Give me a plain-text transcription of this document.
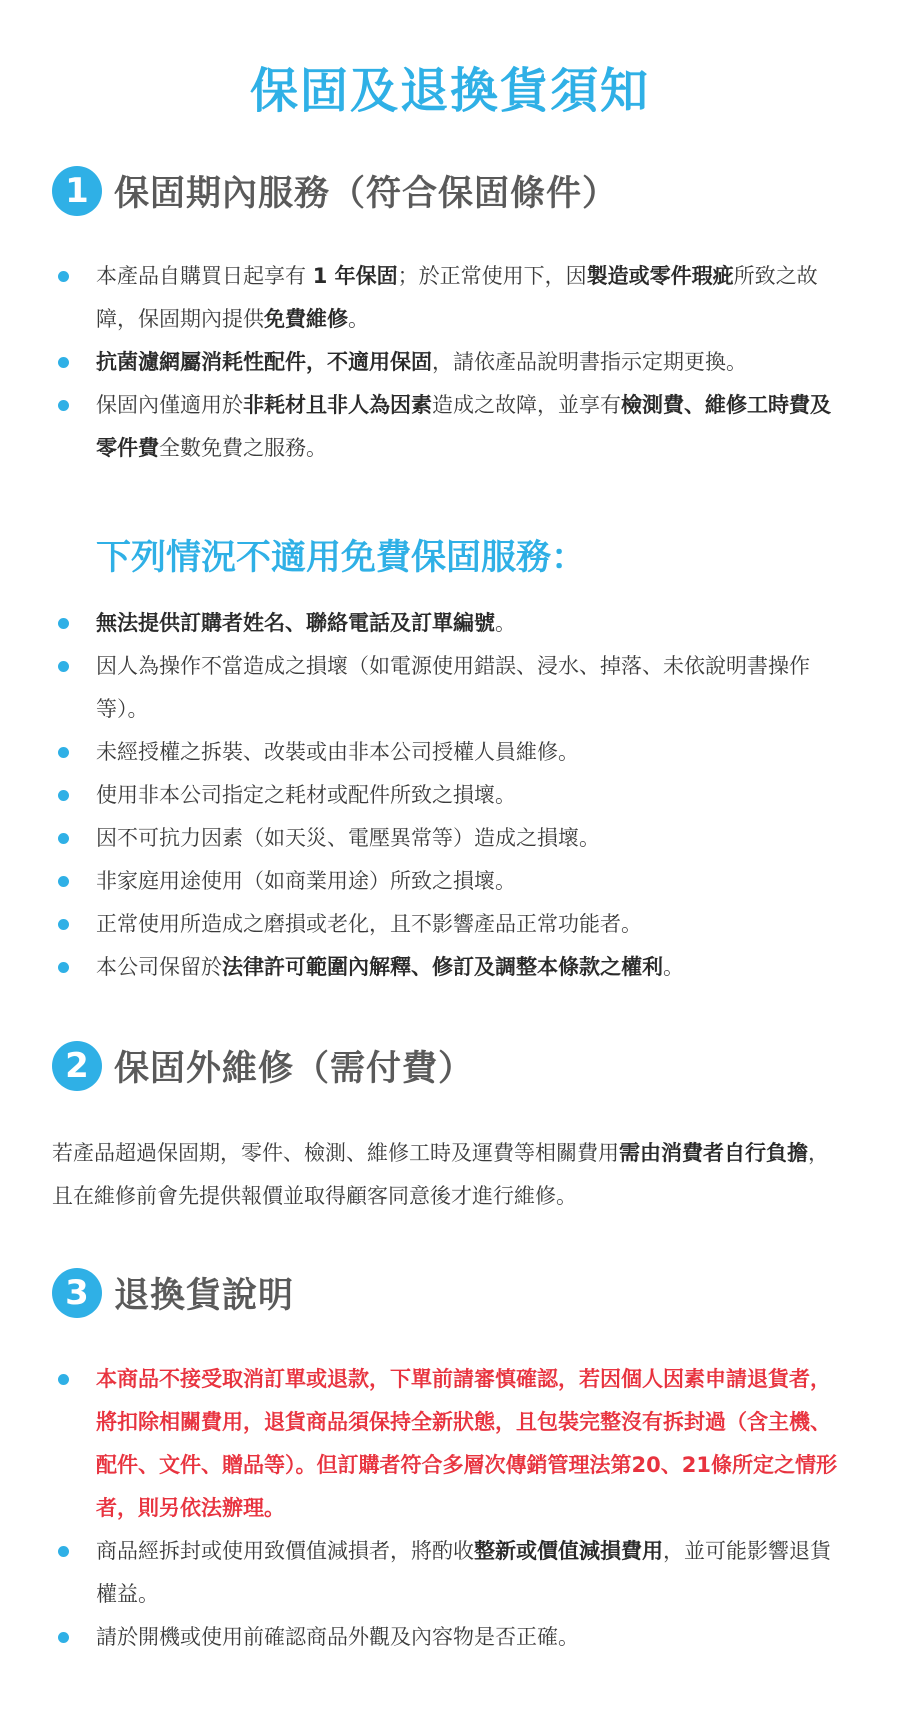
保固及退換貨須知
1 保固期內服務（符合保固條件）
本產品自購買日起享有 1 年保固；於正常使用下，因製造或零件瑕疵所致之故障，保固期內提供免費維修。
抗菌濾網屬消耗性配件，不適用保固，請依產品說明書指示定期更換。
保固內僅適用於非耗材且非人為因素造成之故障，並享有檢測費、維修工時費及零件費全數免費之服務。
下列情況不適用免費保固服務：
無法提供訂購者姓名、聯絡電話及訂單編號。
因人為操作不當造成之損壞（如電源使用錯誤、浸水、掉落、未依說明書操作等）。
未經授權之拆裝、改裝或由非本公司授權人員維修。
使用非本公司指定之耗材或配件所致之損壞。
因不可抗力因素（如天災、電壓異常等）造成之損壞。
非家庭用途使用（如商業用途）所致之損壞。
正常使用所造成之磨損或老化，且不影響產品正常功能者。
本公司保留於法律許可範圍內解釋、修訂及調整本條款之權利。
2 保固外維修（需付費）
若產品超過保固期，零件、檢測、維修工時及運費等相關費用需由消費者自行負擔，且在維修前會先提供報價並取得顧客同意後才進行維修。
3 退換貨說明
本商品不接受取消訂單或退款，下單前請審慎確認，若因個人因素申請退貨者，將扣除相關費用，退貨商品須保持全新狀態，且包裝完整沒有拆封過（含主機、配件、文件、贈品等）。但訂購者符合多層次傳銷管理法第20、21條所定之情形者，則另依法辦理。
商品經拆封或使用致價值減損者，將酌收整新或價值減損費用，並可能影響退貨權益。
請於開機或使用前確認商品外觀及內容物是否正確。
